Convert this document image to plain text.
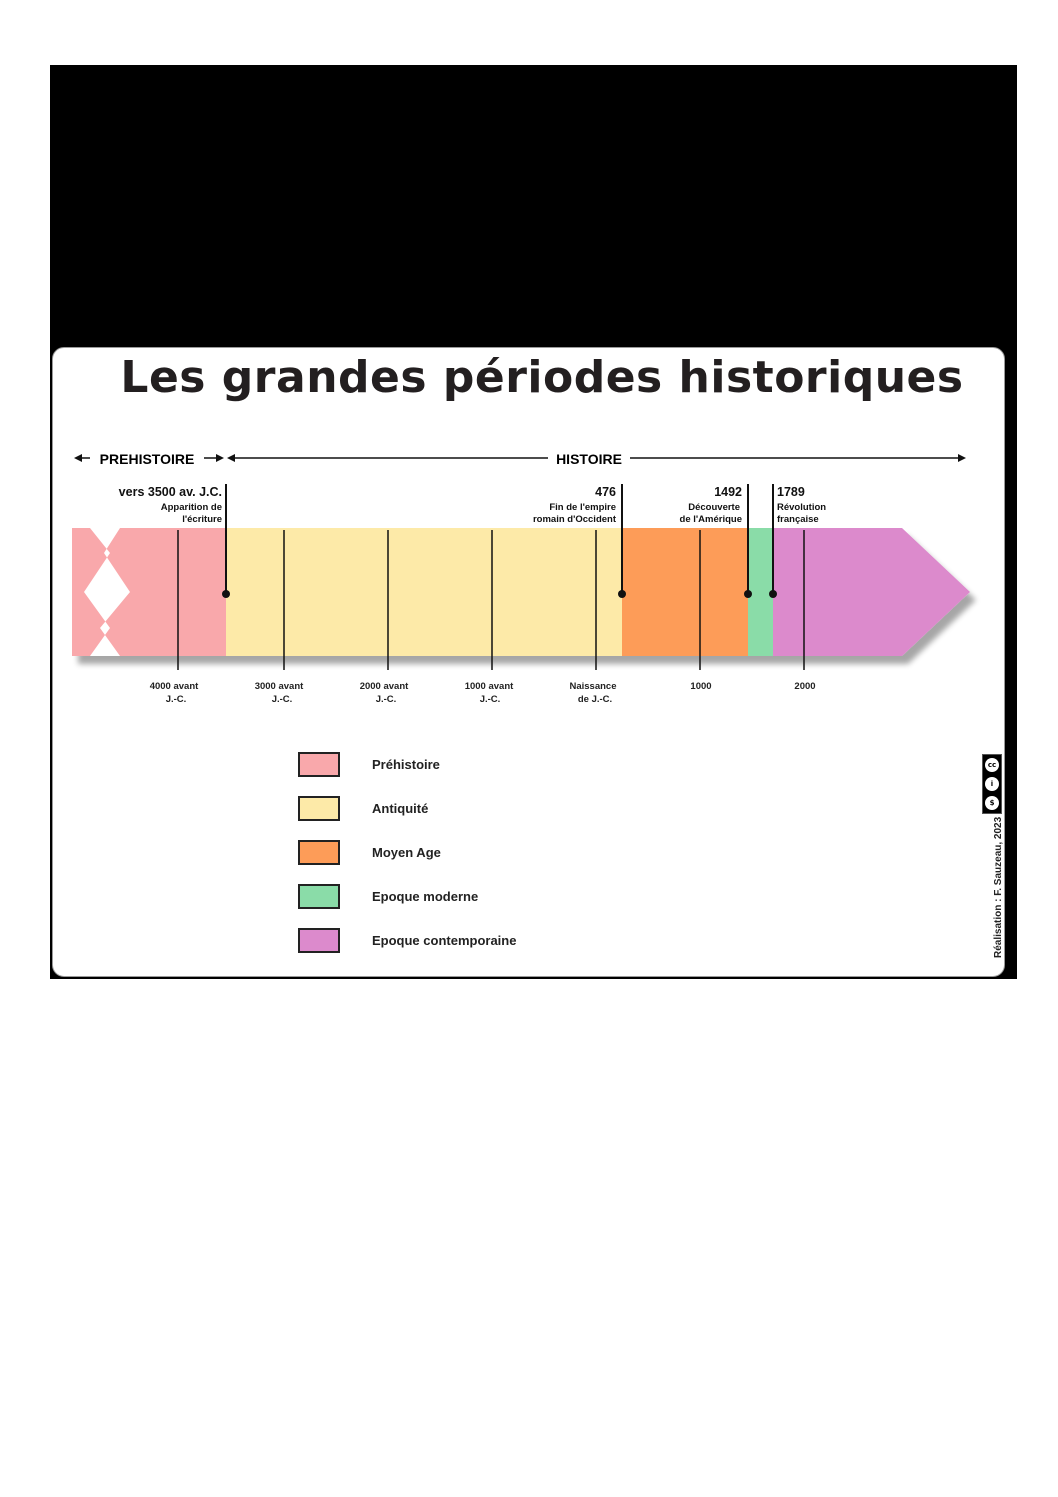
Les grandes périodes historiques
PREHISTOIRE	HISTOIRE
4000 avant
J.-C.
3000 avant
J.-C.
2000 avant
J.-C.
1000 avant
J.-C.
Naissance
de J.-C.
1000	2000
vers 3500 av. J.C.
Apparition de
l'écriture
476
Fin de l'empire
romain d'Occident
1492
Découverte
de l'Amérique
1789
Révolution
française
Préhistoire
Antiquité
Moyen Age
Epoque moderne
Epoque contemporaine
cc
i
$
Réalisation : F. Sauzeau, 2023
